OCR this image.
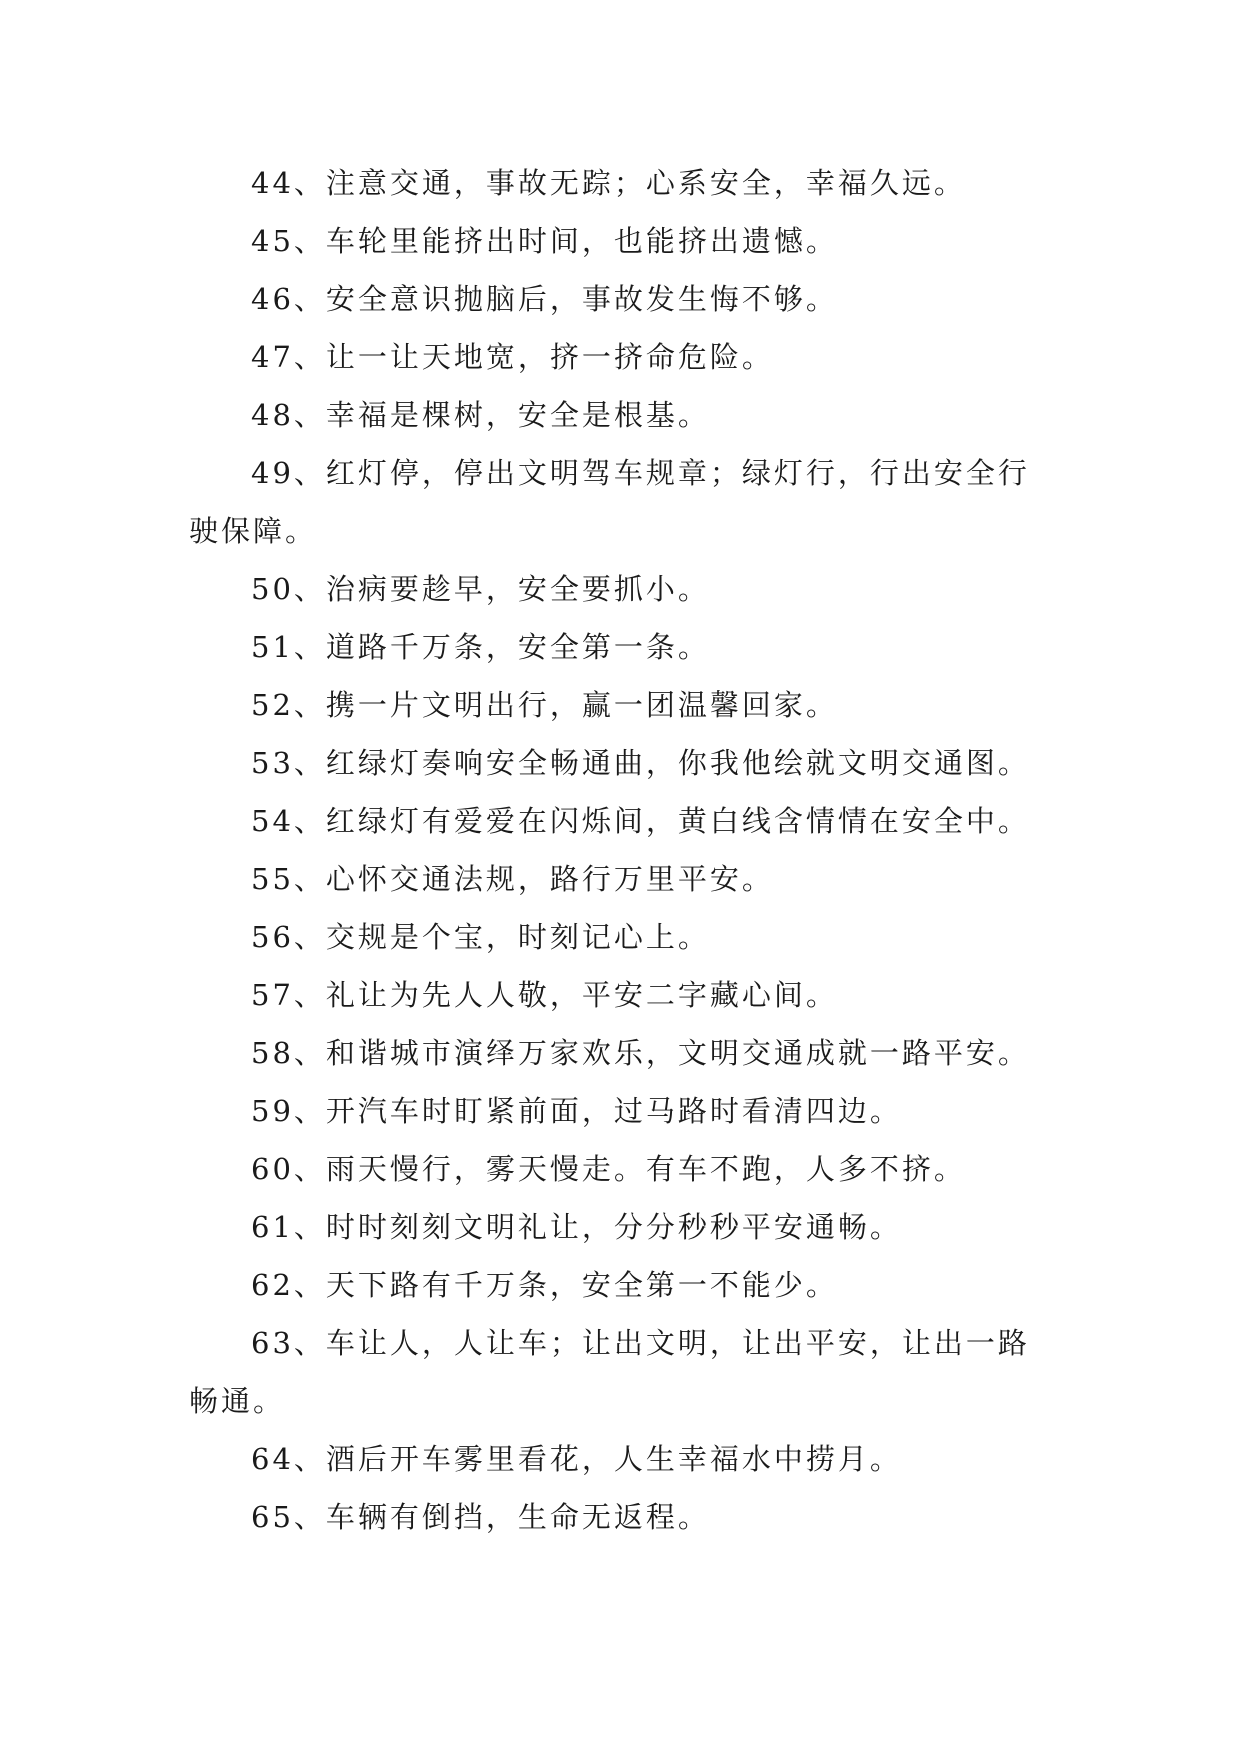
44、注意交通，事故无踪；心系安全，幸福久远。

45、车轮里能挤出时间，也能挤出遗憾。

46、安全意识抛脑后，事故发生悔不够。

47、让一让天地宽，挤一挤命危险。

48、幸福是棵树，安全是根基。

49、红灯停，停出文明驾车规章；绿灯行，行出安全行驶保障。

50、治病要趁早，安全要抓小。

51、道路千万条，安全第一条。

52、携一片文明出行，赢一团温馨回家。

53、红绿灯奏响安全畅通曲，你我他绘就文明交通图。

54、红绿灯有爱爱在闪烁间，黄白线含情情在安全中。

55、心怀交通法规，路行万里平安。

56、交规是个宝，时刻记心上。

57、礼让为先人人敬，平安二字藏心间。

58、和谐城市演绎万家欢乐，文明交通成就一路平安。

59、开汽车时盯紧前面，过马路时看清四边。

60、雨天慢行，雾天慢走。有车不跑，人多不挤。

61、时时刻刻文明礼让，分分秒秒平安通畅。

62、天下路有千万条，安全第一不能少。

63、车让人，人让车；让出文明，让出平安，让出一路畅通。

64、酒后开车雾里看花，人生幸福水中捞月。

65、车辆有倒挡，生命无返程。
